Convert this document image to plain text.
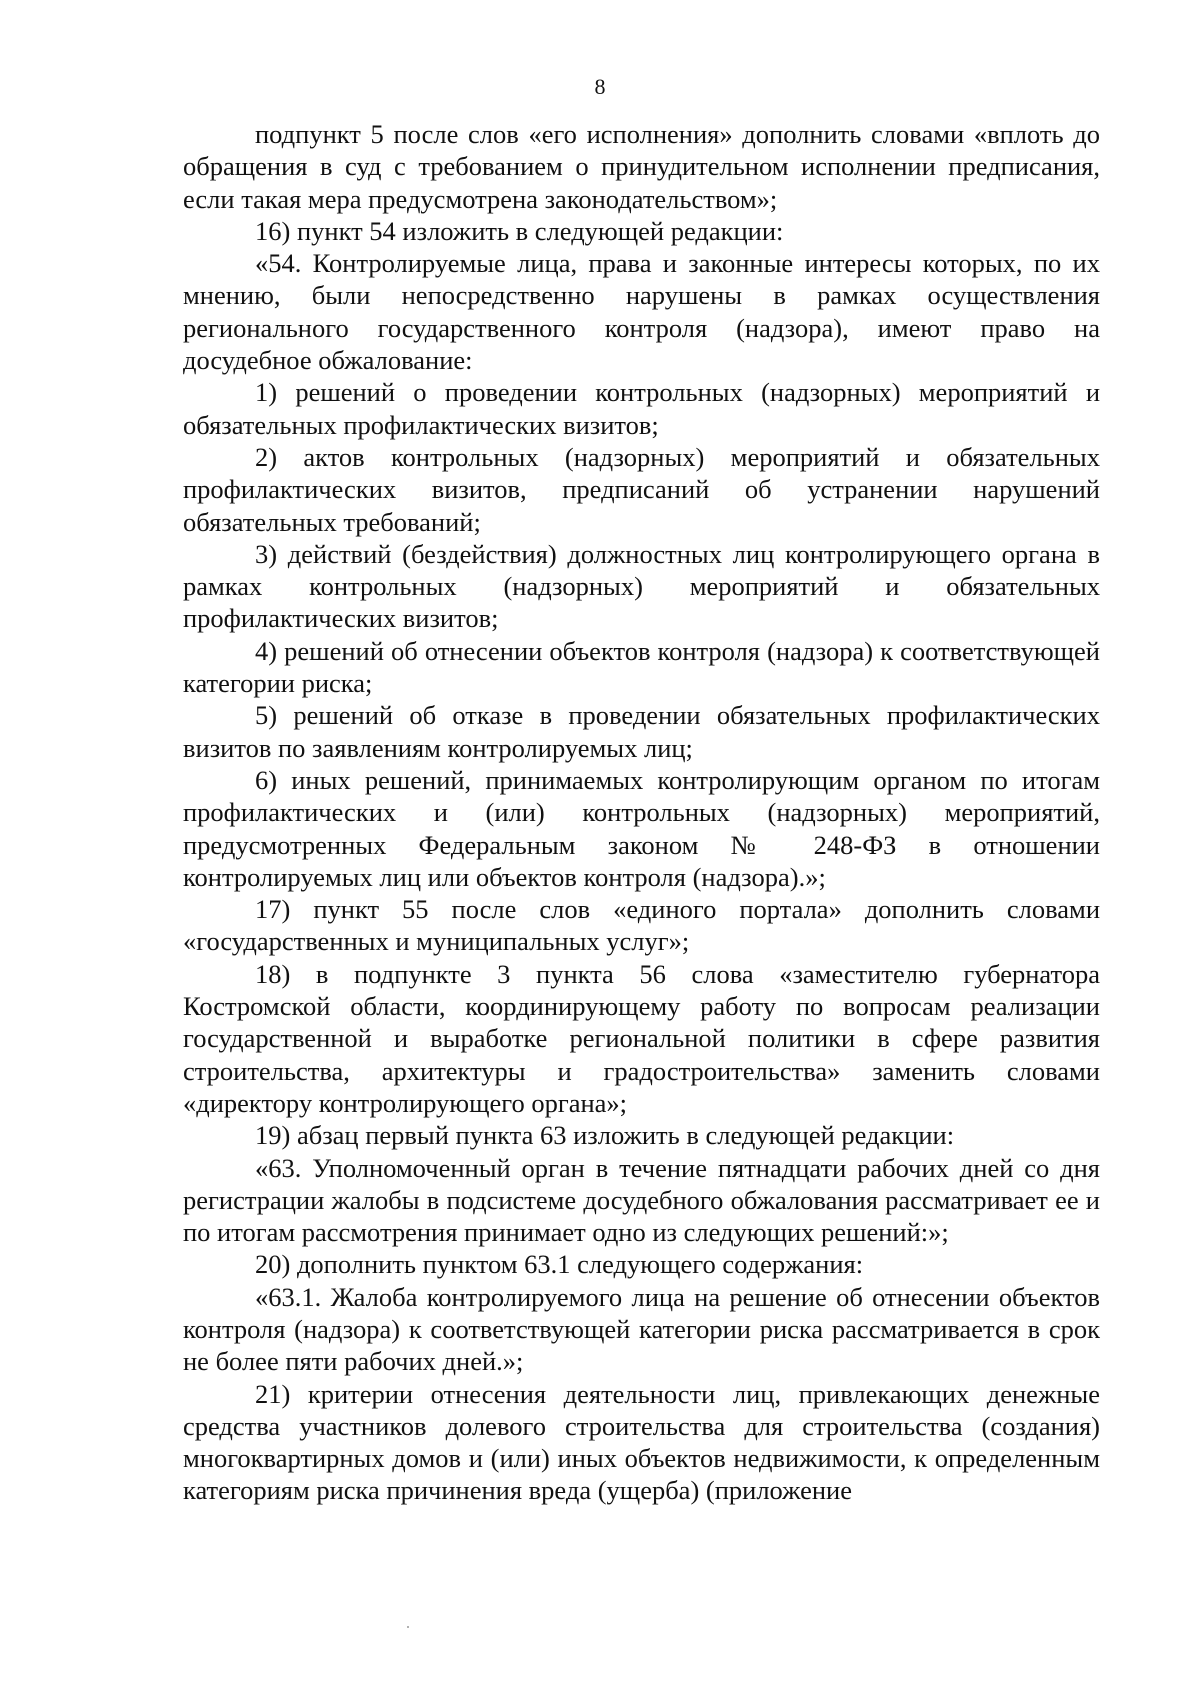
8

подпункт 5 после слов «его исполнения» дополнить словами «вплоть до обращения в суд с требованием о принудительном исполнении предписания, если такая мера предусмотрена законодательством»;

16) пункт 54 изложить в следующей редакции:

«54. Контролируемые лица, права и законные интересы которых, по их мнению, были непосредственно нарушены в рамках осуществления регионального государственного контроля (надзора), имеют право на досудебное обжалование:

1) решений о проведении контрольных (надзорных) мероприятий и обязательных профилактических визитов;

2) актов контрольных (надзорных) мероприятий и обязательных профилактических визитов, предписаний об устранении нарушений обязательных требований;

3) действий (бездействия) должностных лиц контролирующего органа в рамках контрольных (надзорных) мероприятий и обязательных профилактических визитов;

4) решений об отнесении объектов контроля (надзора) к соответствующей категории риска;

5) решений об отказе в проведении обязательных профилактических визитов по заявлениям контролируемых лиц;

6) иных решений, принимаемых контролирующим органом по итогам профилактических и (или) контрольных (надзорных) мероприятий, предусмотренных Федеральным законом № 248-ФЗ в отношении контролируемых лиц или объектов контроля (надзора).»;

17) пункт 55 после слов «единого портала» дополнить словами «государственных и муниципальных услуг»;

18) в подпункте 3 пункта 56 слова «заместителю губернатора Костромской области, координирующему работу по вопросам реализации государственной и выработке региональной политики в сфере развития строительства, архитектуры и градостроительства» заменить словами «директору контролирующего органа»;

19) абзац первый пункта 63 изложить в следующей редакции:

«63. Уполномоченный орган в течение пятнадцати рабочих дней со дня регистрации жалобы в подсистеме досудебного обжалования рассматривает ее и по итогам рассмотрения принимает одно из следующих решений:»;

20) дополнить пунктом 63.1 следующего содержания:

«63.1. Жалоба контролируемого лица на решение об отнесении объектов контроля (надзора) к соответствующей категории риска рассматривается в срок не более пяти рабочих дней.»;

21) критерии отнесения деятельности лиц, привлекающих денежные средства участников долевого строительства для строительства (создания) многоквартирных домов и (или) иных объектов недвижимости, к определенным категориям риска причинения вреда (ущерба) (приложение
